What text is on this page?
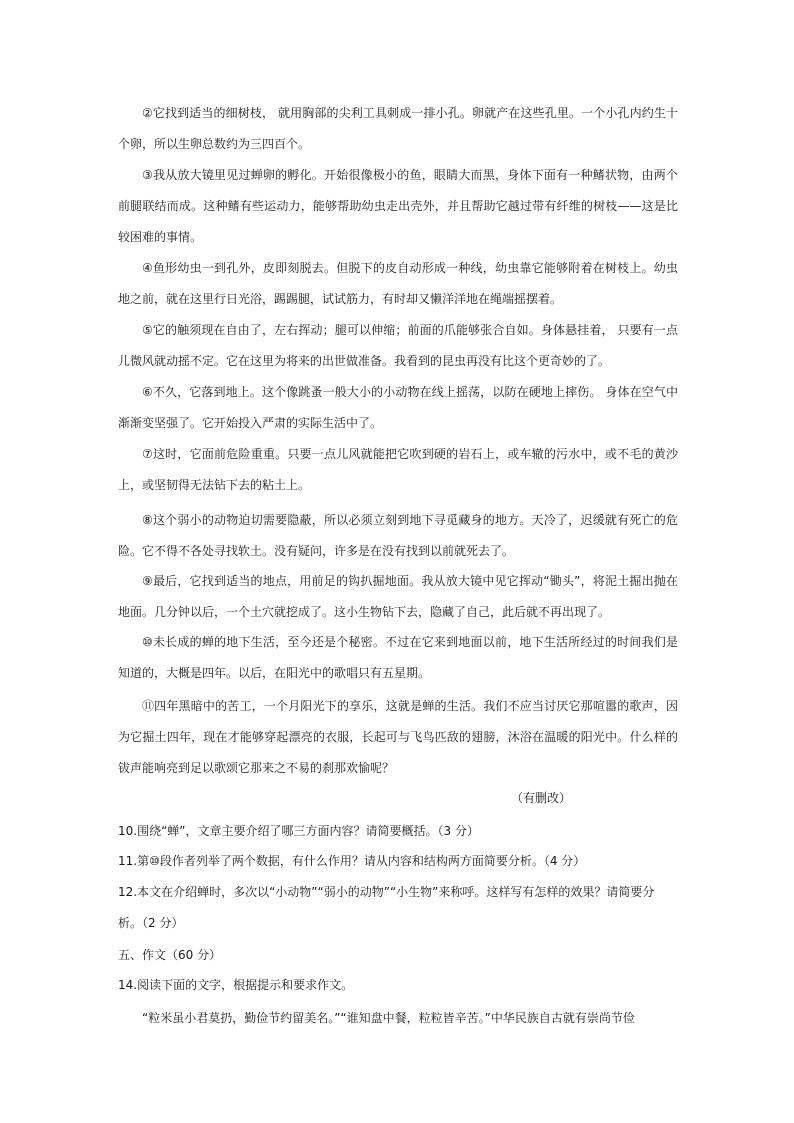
②它找到适当的细树枝， 就用胸部的尖利工具刺成一排小孔。卵就产在这些孔里。一个小孔内约生十个卵，所以生卵总数约为三四百个。

③我从放大镜里见过蝉卵的孵化。开始很像极小的鱼，眼睛大而黑，身体下面有一种鳍状物，由两个前腿联结而成。这种鳍有些运动力，能够帮助幼虫走出壳外，并且帮助它越过带有纤维的树枝——这是比较困难的事情。

④鱼形幼虫一到孔外，皮即刻脱去。但脱下的皮自动形成一种线，幼虫靠它能够附着在树枝上。幼虫地之前，就在这里行日光浴，踢踢腿，试试筋力，有时却又懒洋洋地在绳端摇摆着。

⑤它的触须现在自由了，左右挥动；腿可以伸缩；前面的爪能够张合自如。身体悬挂着， 只要有一点儿微风就动摇不定。它在这里为将来的出世做准备。我看到的昆虫再没有比这个更奇妙的了。

⑥不久，它落到地上。这个像跳蚤一般大小的小动物在线上摇荡，以防在硬地上摔伤。 身体在空气中渐渐变坚强了。它开始投入严肃的实际生活中了。

⑦这时，它面前危险重重。只要一点儿风就能把它吹到硬的岩石上，或车辙的污水中，或不毛的黄沙上，或坚韧得无法钻下去的粘土上。

⑧这个弱小的动物迫切需要隐蔽，所以必须立刻到地下寻觅藏身的地方。天冷了，迟缓就有死亡的危险。它不得不各处寻找软土。没有疑问，许多是在没有找到以前就死去了。

⑨最后，它找到适当的地点，用前足的钩扒掘地面。我从放大镜中见它挥动“锄头”，将泥土掘出抛在地面。几分钟以后，一个土穴就挖成了。这小生物钻下去，隐藏了自己，此后就不再出现了。

⑩未长成的蝉的地下生活，至今还是个秘密。不过在它来到地面以前，地下生活所经过的时间我们是知道的，大概是四年。以后，在阳光中的歌唱只有五星期。

⑪四年黑暗中的苦工，一个月阳光下的享乐，这就是蝉的生活。我们不应当讨厌它那喧嚣的歌声，因为它掘土四年，现在才能够穿起漂亮的衣服，长起可与飞鸟匹敌的翅膀，沐浴在温暖的阳光中。什么样的钹声能响亮到足以歌颂它那来之不易的刹那欢愉呢？

（有删改）

10.围绕“蝉”，文章主要介绍了哪三方面内容？请简要概括。（3 分）

11.第⑩段作者列举了两个数据，有什么作用？请从内容和结构两方面简要分析。（4 分）

12.本文在介绍蝉时，多次以“小动物”“弱小的动物”“小生物”来称呼。这样写有怎样的效果？请简要分析。（2 分）

五、作文（60 分）

14.阅读下面的文字，根据提示和要求作文。

“粒米虽小君莫扔，勤俭节约留美名。”“谁知盘中餐，粒粒皆辛苦。”中华民族自古就有崇尚节俭
